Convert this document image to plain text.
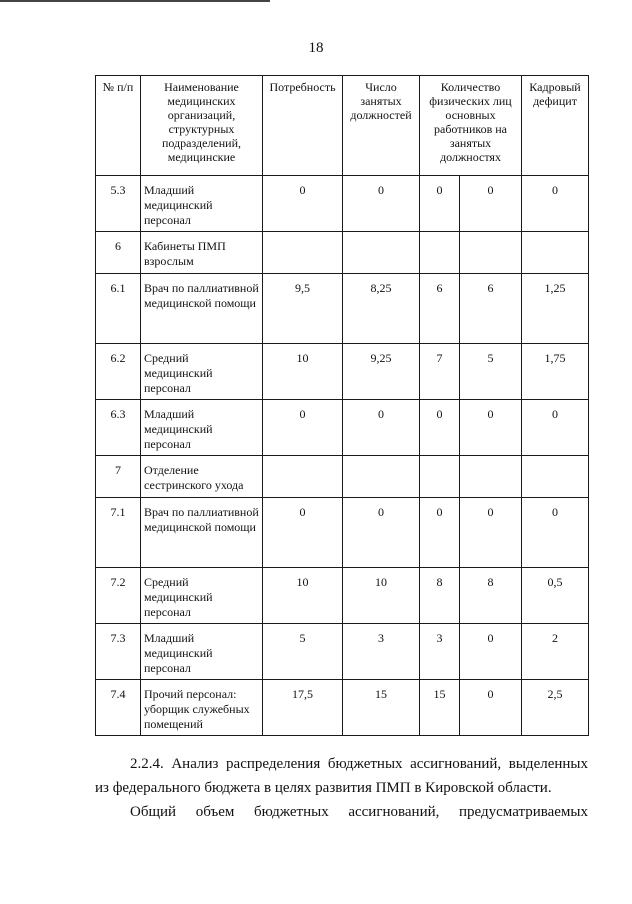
18
№ п/п	Наименование медицинских организаций, структурных подразделений, медицинские	Потребность	Число занятых должностей	Количество физических лиц основных работников на занятых должностях		Кадровый дефицит
5.3	Младший медицинский персонал	0	0	0	0	0
6	Кабинеты ПМП взрослым					
6.1	Врач по паллиативной медицинской помощи	9,5	8,25	6	6	1,25
6.2	Средний медицинский персонал	10	9,25	7	5	1,75
6.3	Младший медицинский персонал	0	0	0	0	0
7	Отделение сестринского ухода					
7.1	Врач по паллиативной медицинской помощи	0	0	0	0	0
7.2	Средний медицинский персонал	10	10	8	8	0,5
7.3	Младший медицинский персонал	5	3	3	0	2
7.4	Прочий персонал: уборщик служебных помещений	17,5	15	15	0	2,5
2.2.4. Анализ распределения бюджетных ассигнований, выделенных
из федерального бюджета в целях развития ПМП в Кировской области.
Общий объем бюджетных ассигнований, предусматриваемых
